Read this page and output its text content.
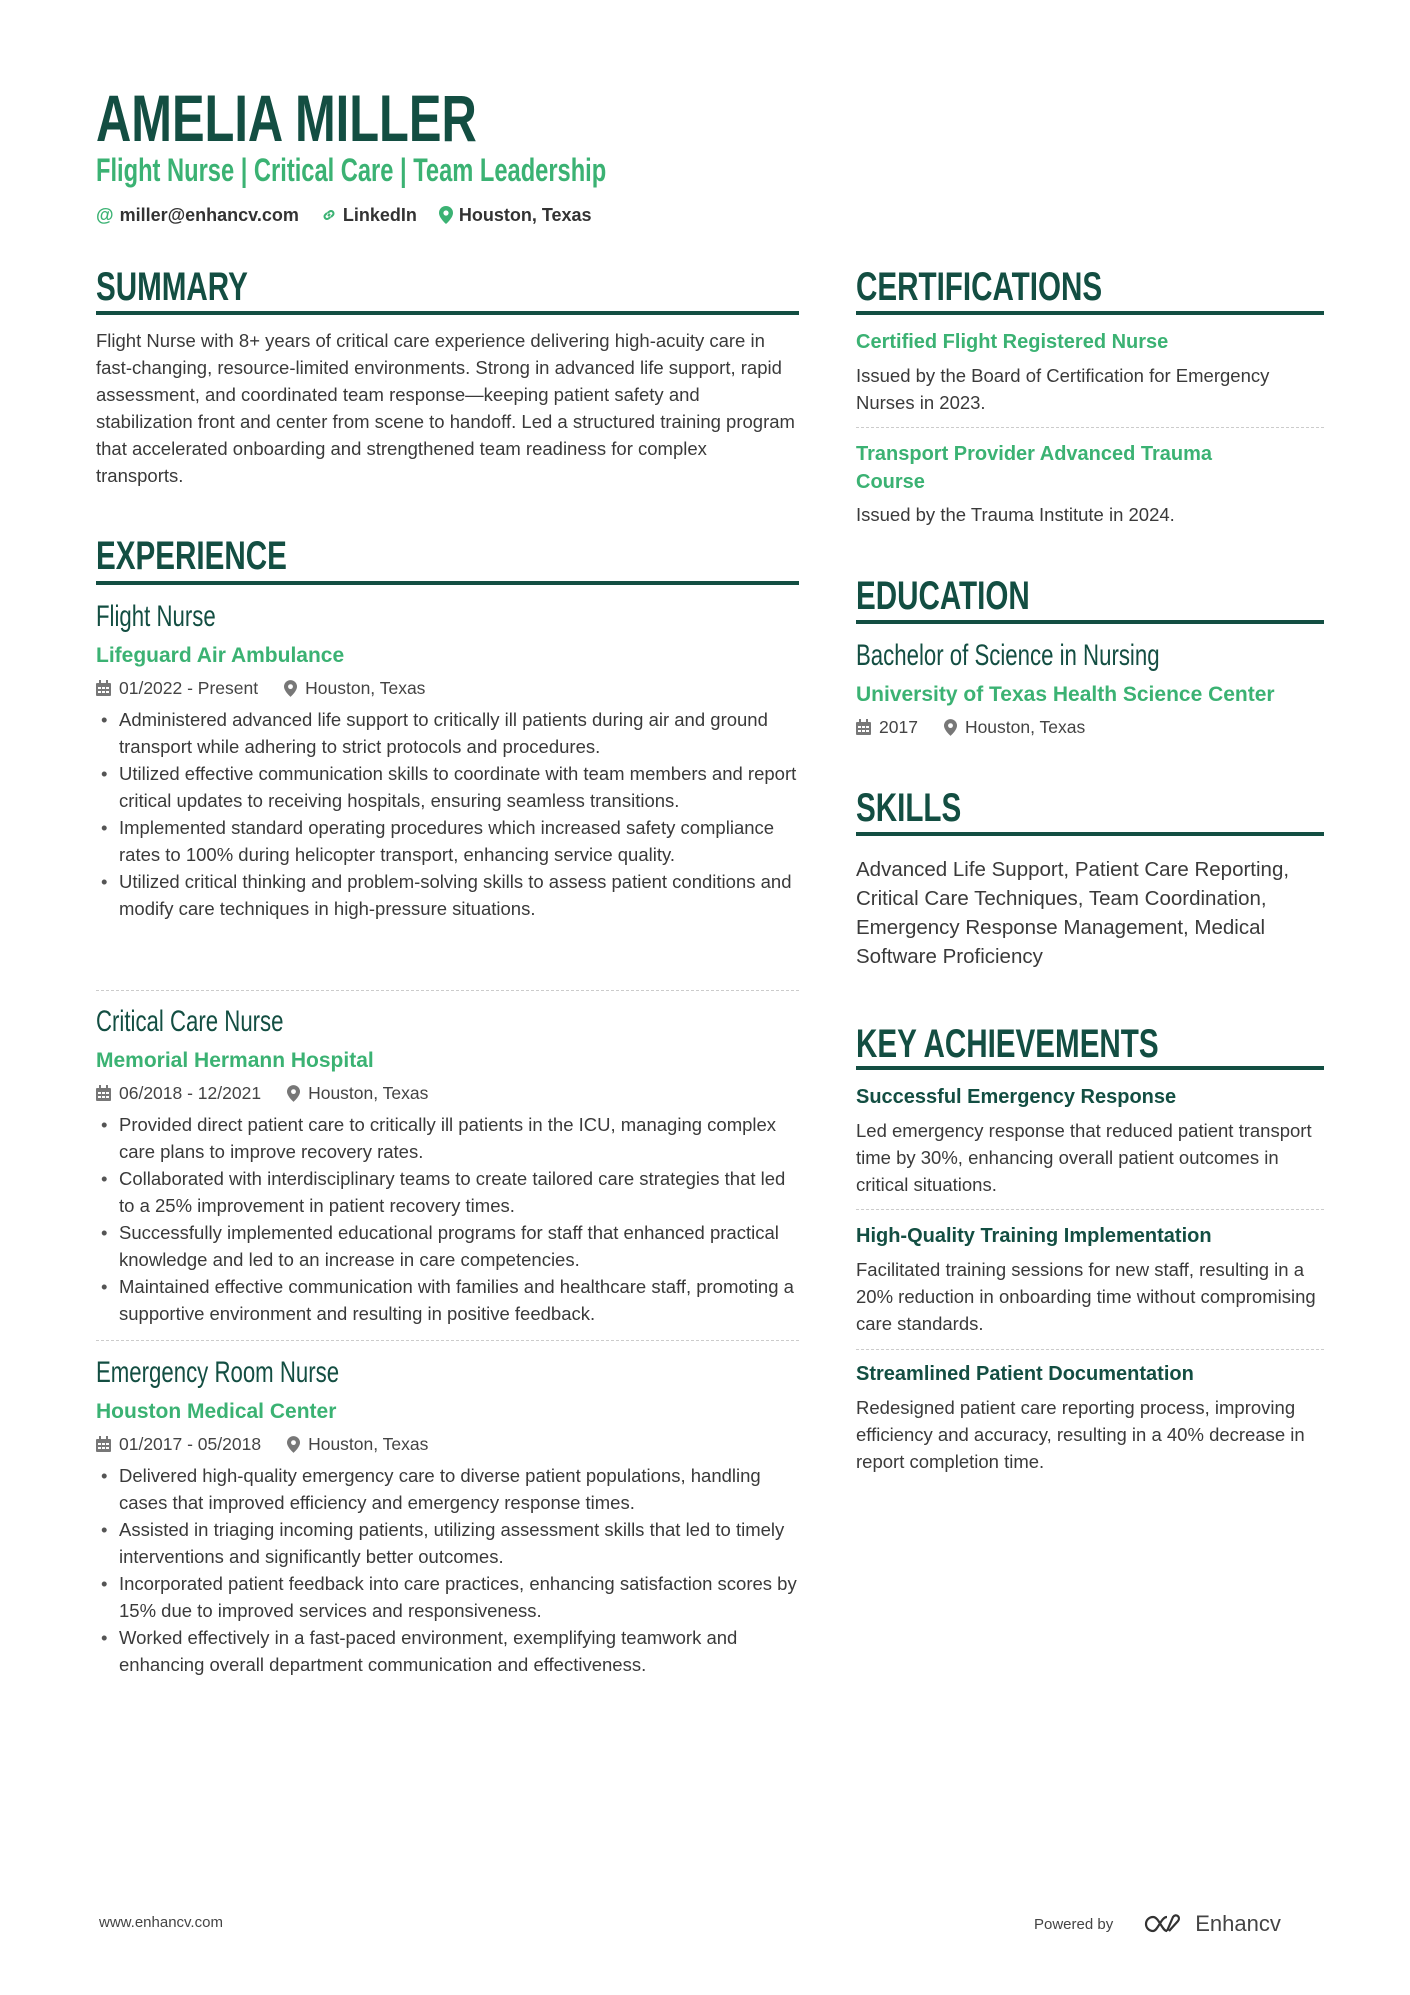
AMELIA MILLER
Flight Nurse | Critical Care | Team Leadership
@ miller@enhancv.com LinkedIn Houston, Texas
SUMMARY
Flight Nurse with 8+ years of critical care experience delivering high-acuity care in fast-changing, resource-limited environments. Strong in advanced life support, rapid assessment, and coordinated team response—keeping patient safety and stabilization front and center from scene to handoff. Led a structured training program that accelerated onboarding and strengthened team readiness for complex transports.
EXPERIENCE
Flight Nurse
Lifeguard Air Ambulance
01/2022 - Present	Houston, Texas
• Administered advanced life support to critically ill patients during air and ground transport while adhering to strict protocols and procedures.
• Utilized effective communication skills to coordinate with team members and report critical updates to receiving hospitals, ensuring seamless transitions.
• Implemented standard operating procedures which increased safety compliance rates to 100% during helicopter transport, enhancing service quality.
• Utilized critical thinking and problem-solving skills to assess patient conditions and modify care techniques in high-pressure situations.
Critical Care Nurse
Memorial Hermann Hospital
06/2018 - 12/2021	Houston, Texas
• Provided direct patient care to critically ill patients in the ICU, managing complex care plans to improve recovery rates.
• Collaborated with interdisciplinary teams to create tailored care strategies that led to a 25% improvement in patient recovery times.
• Successfully implemented educational programs for staff that enhanced practical knowledge and led to an increase in care competencies.
• Maintained effective communication with families and healthcare staff, promoting a supportive environment and resulting in positive feedback.
Emergency Room Nurse
Houston Medical Center
01/2017 - 05/2018	Houston, Texas
• Delivered high-quality emergency care to diverse patient populations, handling cases that improved efficiency and emergency response times.
• Assisted in triaging incoming patients, utilizing assessment skills that led to timely interventions and significantly better outcomes.
• Incorporated patient feedback into care practices, enhancing satisfaction scores by 15% due to improved services and responsiveness.
• Worked effectively in a fast-paced environment, exemplifying teamwork and enhancing overall department communication and effectiveness.
CERTIFICATIONS
Certified Flight Registered Nurse
Issued by the Board of Certification for Emergency Nurses in 2023.
Transport Provider Advanced Trauma Course
Issued by the Trauma Institute in 2024.
EDUCATION
Bachelor of Science in Nursing
University of Texas Health Science Center
2017	Houston, Texas
SKILLS
Advanced Life Support, Patient Care Reporting, Critical Care Techniques, Team Coordination, Emergency Response Management, Medical Software Proficiency
KEY ACHIEVEMENTS
Successful Emergency Response
Led emergency response that reduced patient transport time by 30%, enhancing overall patient outcomes in critical situations.
High-Quality Training Implementation
Facilitated training sessions for new staff, resulting in a 20% reduction in onboarding time without compromising care standards.
Streamlined Patient Documentation
Redesigned patient care reporting process, improving efficiency and accuracy, resulting in a 40% decrease in report completion time.
www.enhancv.com	Powered by	Enhancv
